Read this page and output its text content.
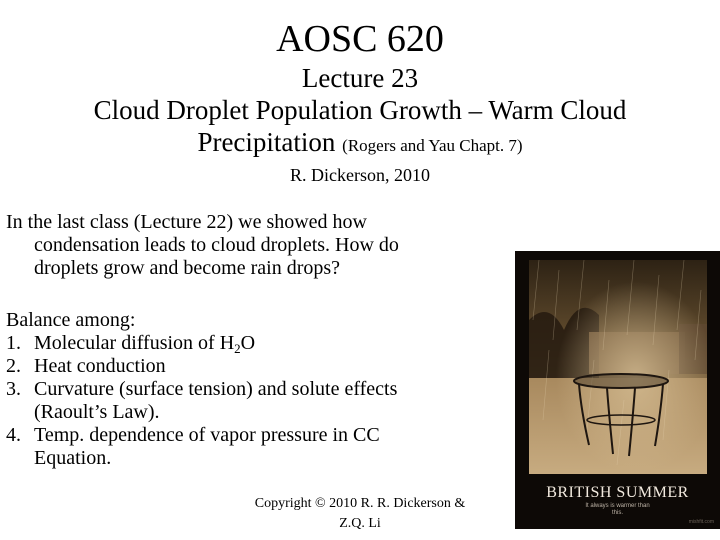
AOSC 620
Lecture 23
Cloud Droplet Population Growth – Warm Cloud
Precipitation (Rogers and Yau Chapt. 7)
R. Dickerson, 2010
In the last class (Lecture 22) we showed how
condensation leads to cloud droplets. How do
droplets grow and become rain drops?
Balance among:
1. Molecular diffusion of $H_2O$
2. Heat conduction
3. Curvature (surface tension) and solute effects
(Raoult’s Law).
4. Temp. dependence of vapor pressure in CC
Equation.
Copyright © 2010 R. R. Dickerson &
Z.Q. Li
BRITISH SUMMER
It always is warmer than
this.
mishfit.com
